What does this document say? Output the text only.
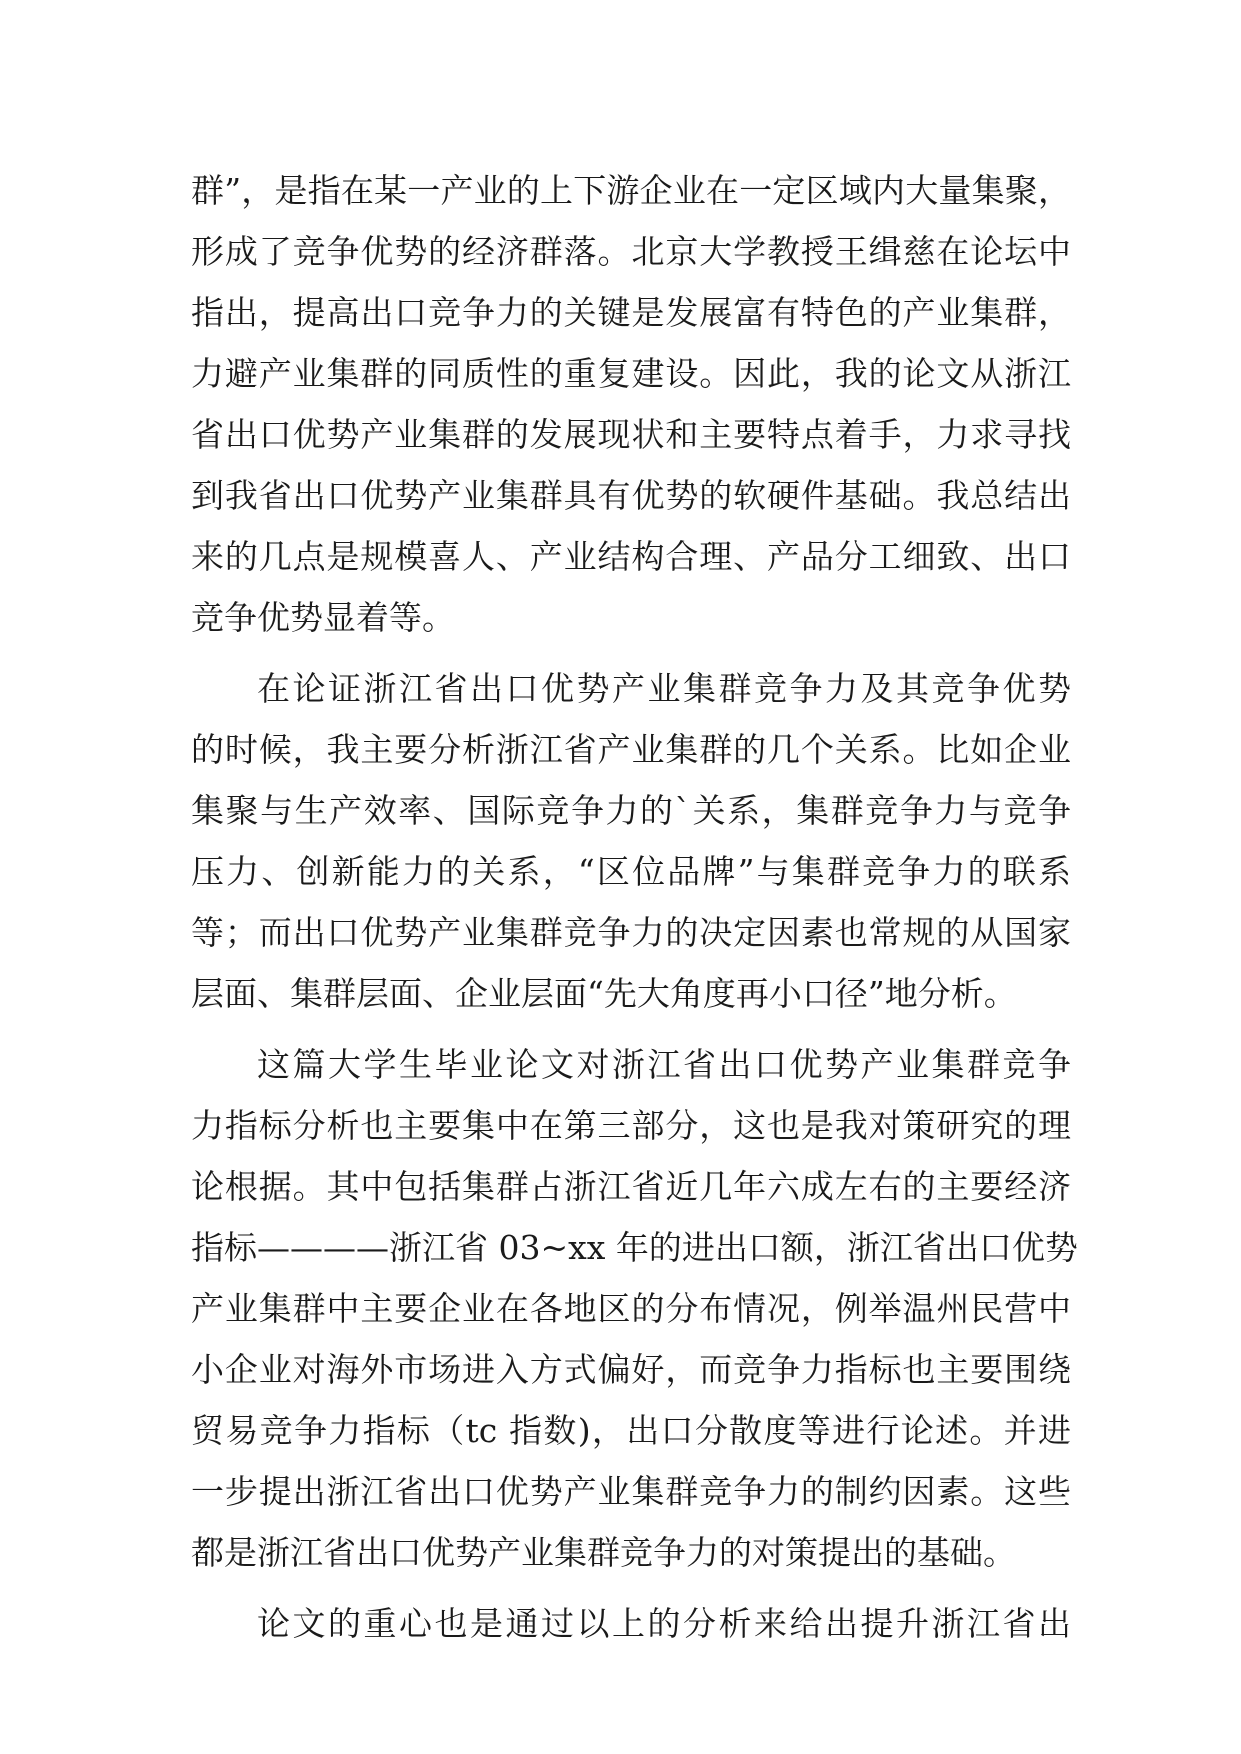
群”，是指在某一产业的上下游企业在一定区域内大量集聚，
形成了竞争优势的经济群落。北京大学教授王缉慈在论坛中
指出，提高出口竞争力的关键是发展富有特色的产业集群，
力避产业集群的同质性的重复建设。因此，我的论文从浙江
省出口优势产业集群的发展现状和主要特点着手，力求寻找
到我省出口优势产业集群具有优势的软硬件基础。我总结出
来的几点是规模喜人、产业结构合理、产品分工细致、出口
竞争优势显着等。
在论证浙江省出口优势产业集群竞争力及其竞争优势
的时候，我主要分析浙江省产业集群的几个关系。比如企业
集聚与生产效率、国际竞争力的`关系，集群竞争力与竞争
压力、创新能力的关系，“区位品牌”与集群竞争力的联系
等；而出口优势产业集群竞争力的决定因素也常规的从国家
层面、集群层面、企业层面“先大角度再小口径”地分析。
这篇大学生毕业论文对浙江省出口优势产业集群竞争
力指标分析也主要集中在第三部分，这也是我对策研究的理
论根据。其中包括集群占浙江省近几年六成左右的主要经济
指标————浙江省 03~xx 年的进出口额，浙江省出口优势
产业集群中主要企业在各地区的分布情况，例举温州民营中
小企业对海外市场进入方式偏好，而竞争力指标也主要围绕
贸易竞争力指标（tc 指数)，出口分散度等进行论述。并进
一步提出浙江省出口优势产业集群竞争力的制约因素。这些
都是浙江省出口优势产业集群竞争力的对策提出的基础。
论文的重心也是通过以上的分析来给出提升浙江省出
